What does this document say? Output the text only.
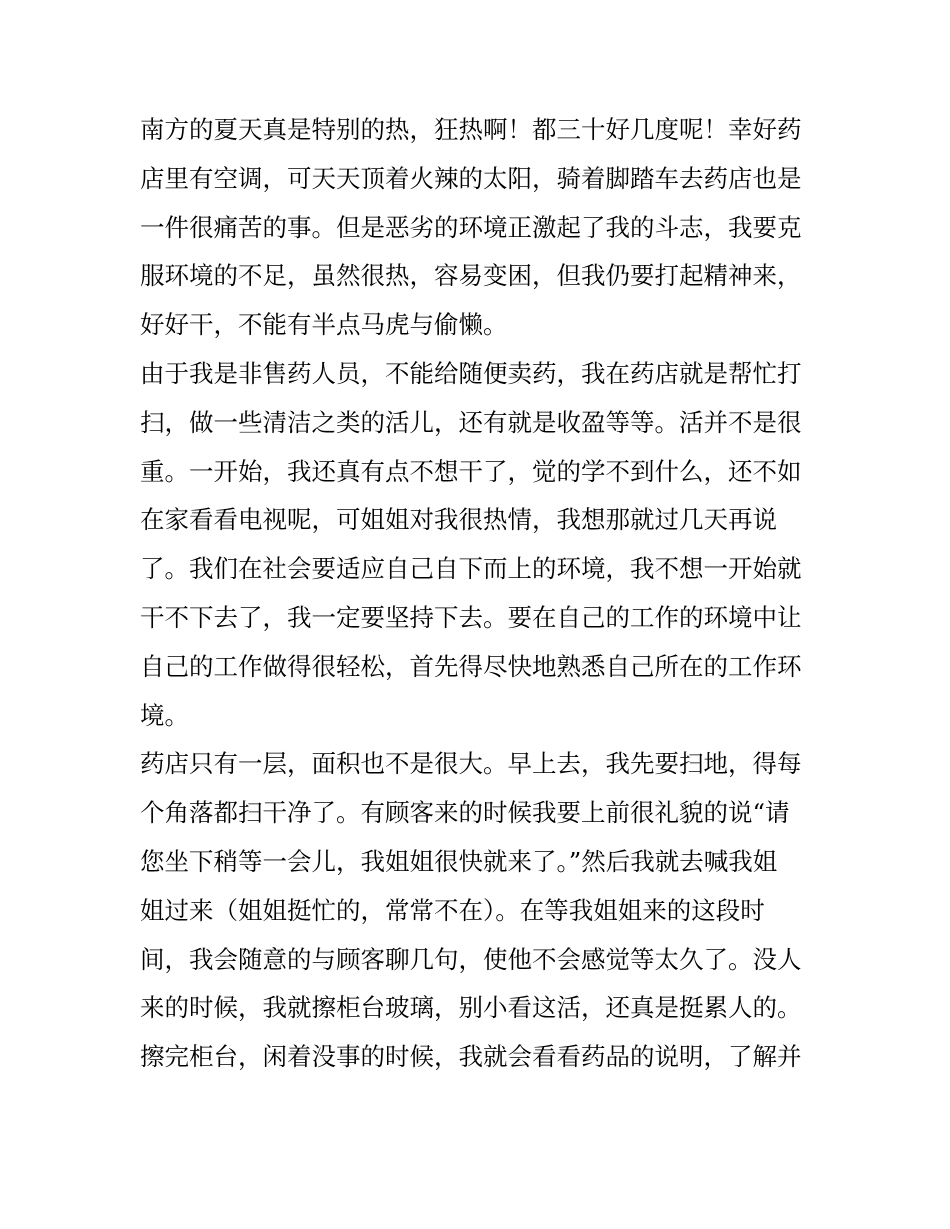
南方的夏天真是特别的热，狂热啊！都三十好几度呢！幸好药
店里有空调，可天天顶着火辣的太阳，骑着脚踏车去药店也是
一件很痛苦的事。但是恶劣的环境正激起了我的斗志，我要克
服环境的不足，虽然很热，容易变困，但我仍要打起精神来，
好好干，不能有半点马虎与偷懒。
由于我是非售药人员，不能给随便卖药，我在药店就是帮忙打
扫，做一些清洁之类的活儿，还有就是收盈等等。活并不是很
重。一开始，我还真有点不想干了，觉的学不到什么，还不如
在家看看电视呢，可姐姐对我很热情，我想那就过几天再说
了。我们在社会要适应自己自下而上的环境，我不想一开始就
干不下去了，我一定要坚持下去。要在自己的工作的环境中让
自己的工作做得很轻松，首先得尽快地熟悉自己所在的工作环
境。
药店只有一层，面积也不是很大。早上去，我先要扫地，得每
个角落都扫干净了。有顾客来的时候我要上前很礼貌的说“请
您坐下稍等一会儿，我姐姐很快就来了。”然后我就去喊我姐
姐过来（姐姐挺忙的，常常不在）。在等我姐姐来的这段时
间，我会随意的与顾客聊几句，使他不会感觉等太久了。没人
来的时候，我就擦柜台玻璃，别小看这活，还真是挺累人的。
擦完柜台，闲着没事的时候，我就会看看药品的说明，了解并
